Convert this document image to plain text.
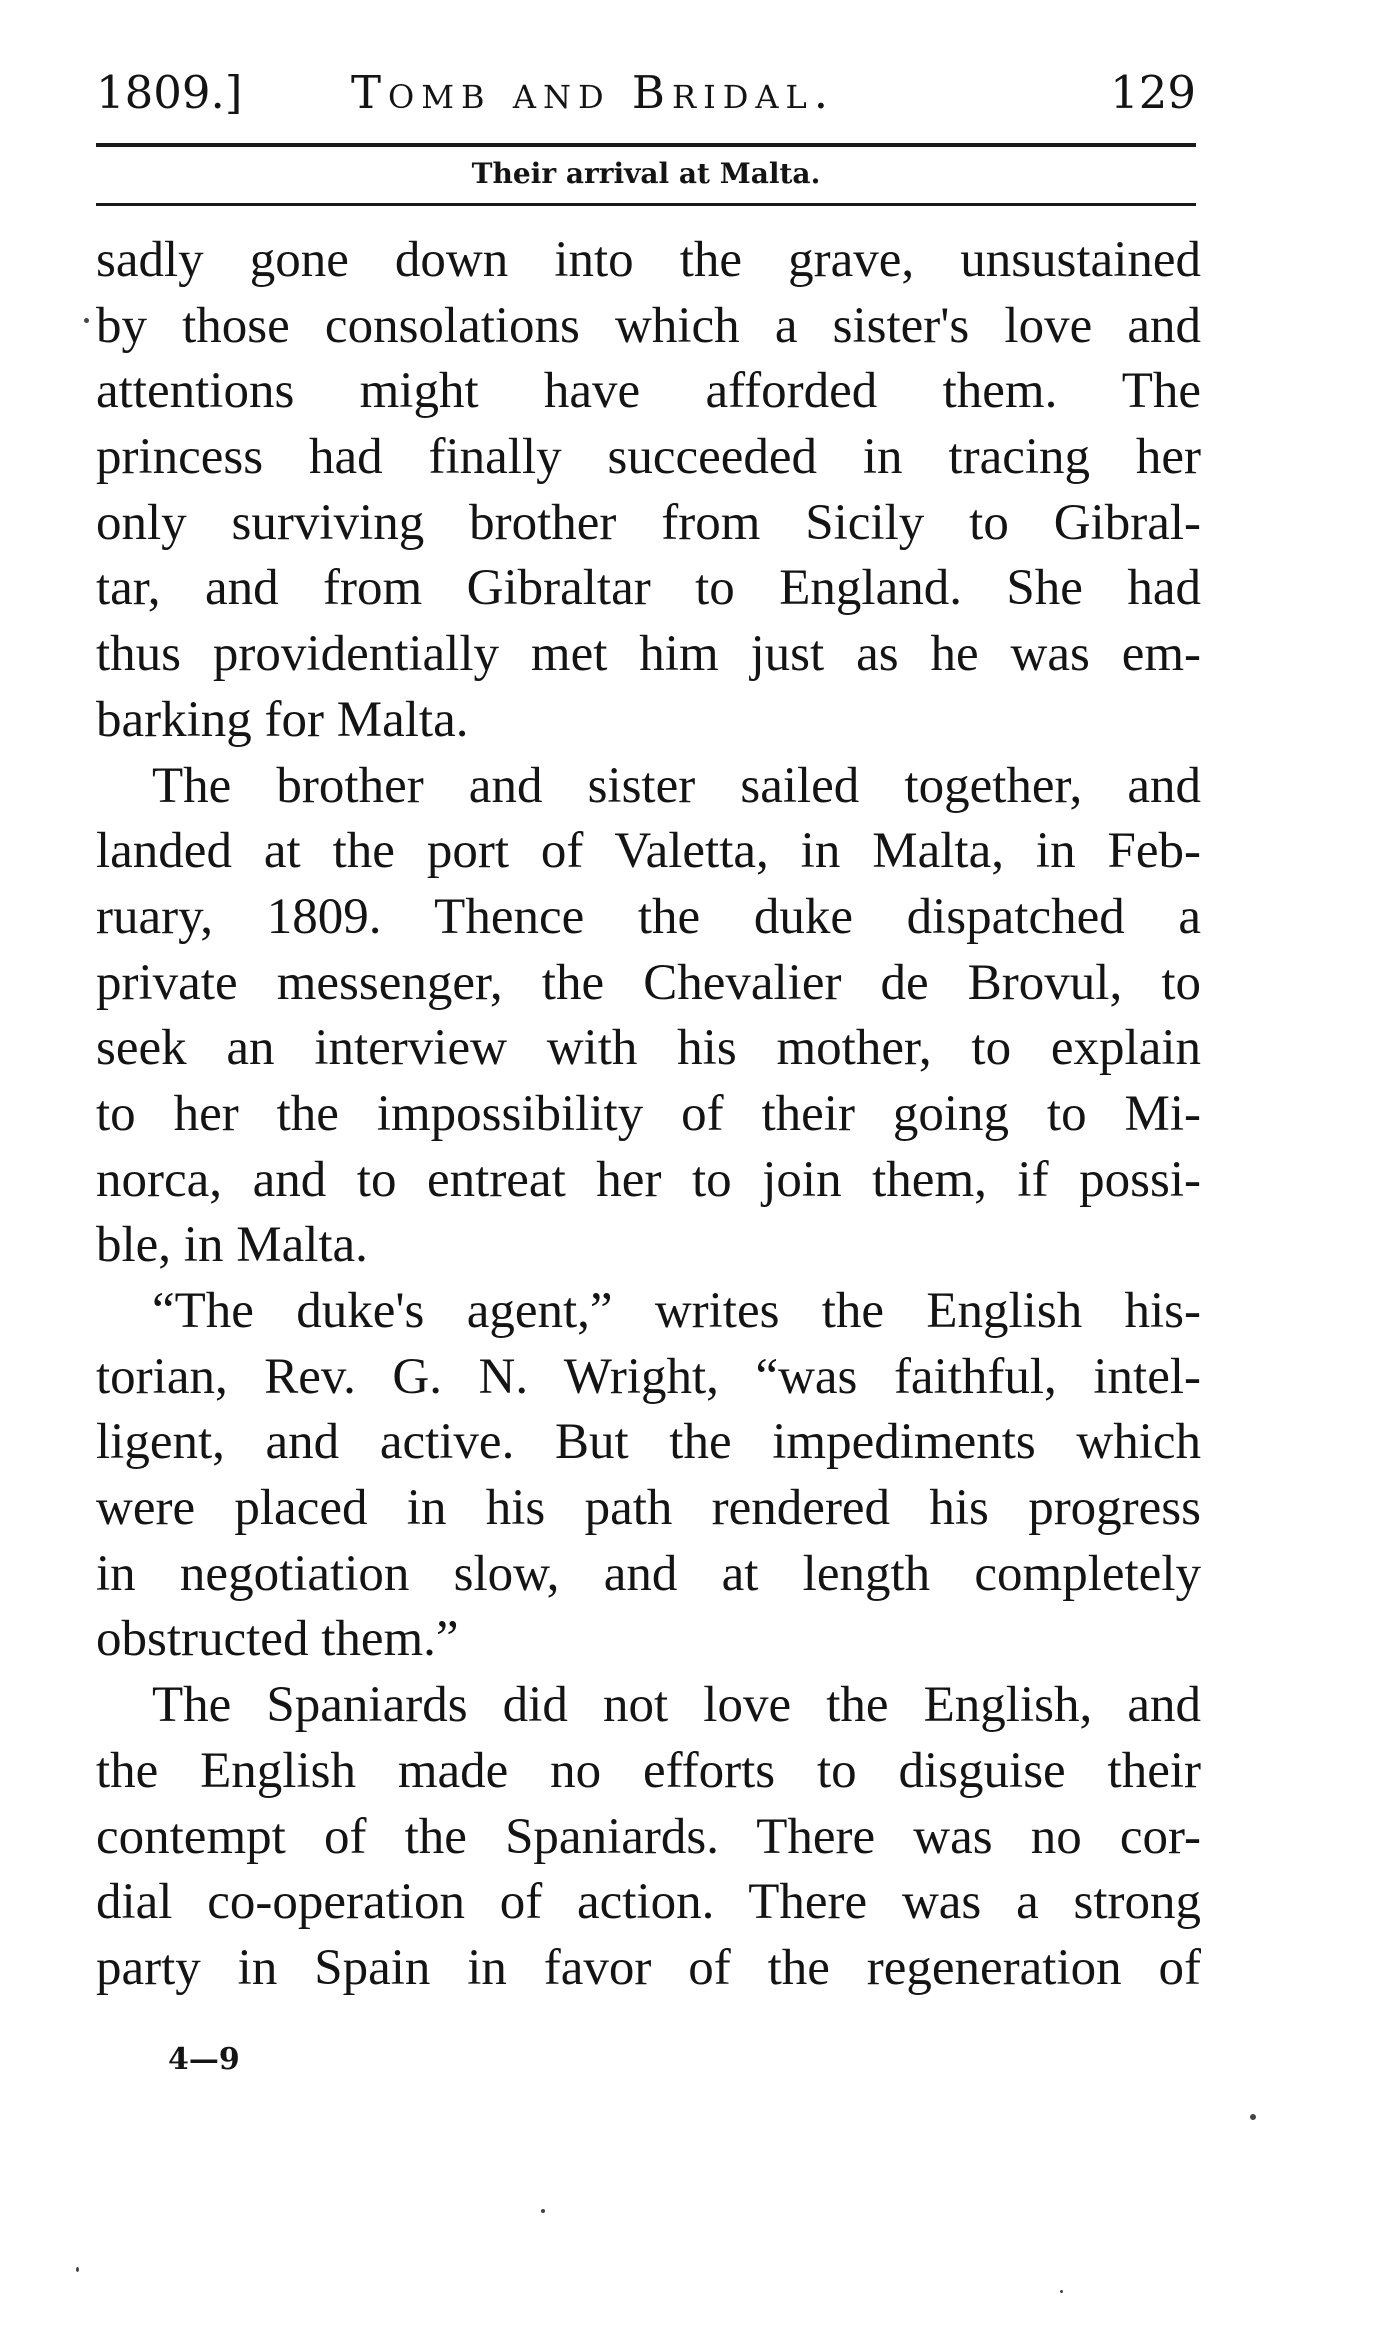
1809.] Tomb and Bridal.	129
Their arrival at Malta.
sadly gone down into the grave, unsustained
by those consolations which a sister's love and
attentions might have afforded them. The
princess had finally succeeded in tracing her
only surviving brother from Sicily to Gibral-
tar, and from Gibraltar to England. She had
thus providentially met him just as he was em-
barking for Malta.
The brother and sister sailed together, and
landed at the port of Valetta, in Malta, in Feb-
ruary, 1809. Thence the duke dispatched a
private messenger, the Chevalier de Brovul, to
seek an interview with his mother, to explain
to her the impossibility of their going to Mi-
norca, and to entreat her to join them, if possi-
ble, in Malta.
“The duke's agent,” writes the English his-
torian, Rev. G. N. Wright, “was faithful, intel-
ligent, and active. But the impediments which
were placed in his path rendered his progress
in negotiation slow, and at length completely
obstructed them.”
The Spaniards did not love the English, and
the English made no efforts to disguise their
contempt of the Spaniards. There was no cor-
dial co-operation of action. There was a strong
party in Spain in favor of the regeneration of
4—9
